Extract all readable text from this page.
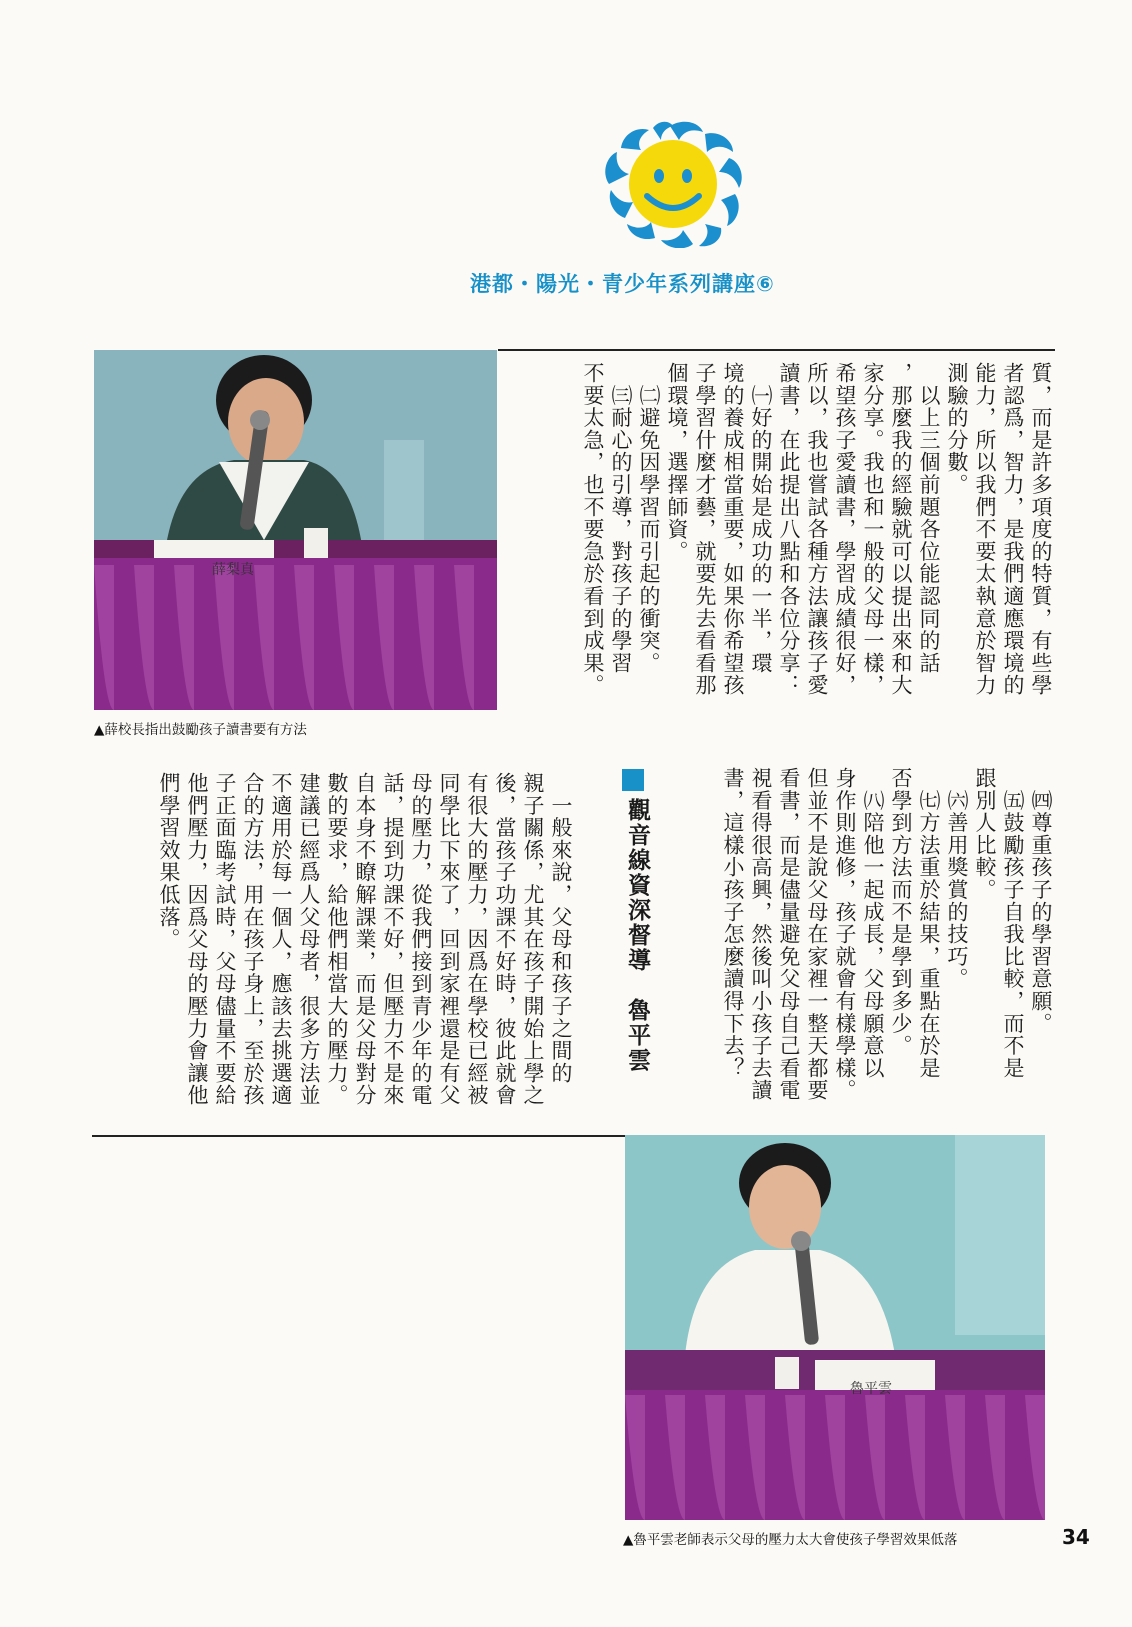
港都・陽光・青少年系列講座⑥
薛梨真
▲薛校長指出鼓勵孩子讀書要有方法
質，而是許多項度的特質，有些學
者認爲，智力，是我們適應環境的
能力，所以我們不要太執意於智力
測驗的分數。
　以上三個前題各位能認同的話
，那麼我的經驗就可以提出來和大
家分享。我也和一般的父母一樣，
希望孩子愛讀書，學習成績很好，
所以，我也嘗試各種方法讓孩子愛
讀書，在此提出八點和各位分享：
　㈠好的開始是成功的一半，環
境的養成相當重要，如果你希望孩
子學習什麼才藝，就要先去看看那
個環境，選擇師資。
　㈡避免因學習而引起的衝突。
　㈢耐心的引導，對孩子的學習
不要太急，也不要急於看到成果。
　㈣尊重孩子的學習意願。
　㈤鼓勵孩子自我比較，而不是
跟別人比較。
　㈥善用獎賞的技巧。
　㈦方法重於結果，重點在於是
否學到方法而不是學到多少。
　㈧陪他一起成長，父母願意以
身作則進修，孩子就會有樣學樣。
但並不是說父母在家裡一整天都要
看書，而是儘量避免父母自己看電
視看得很高興，然後叫小孩子去讀
書，這樣小孩子怎麼讀得下去？
觀音線資深督導　魯平雲
　一般來說，父母和孩子之間的
親子關係，尤其在孩子開始上學之
後，當孩子功課不好時，彼此就會
有很大的壓力，因爲在學校已經被
同學比下來了，回到家裡還是有父
母的壓力，從我們接到青少年的電
話，提到功課不好，但壓力不是來
自本身不瞭解課業，而是父母對分
數的要求，給他們相當大的壓力。
建議已經爲人父母者，很多方法並
不適用於每一個人，應該去挑選適
合的方法，用在孩子身上，至於孩
子正面臨考試時，父母儘量不要給
他們壓力，因爲父母的壓力會讓他
們學習效果低落。
魯平雲
▲魯平雲老師表示父母的壓力太大會使孩子學習效果低落	34
